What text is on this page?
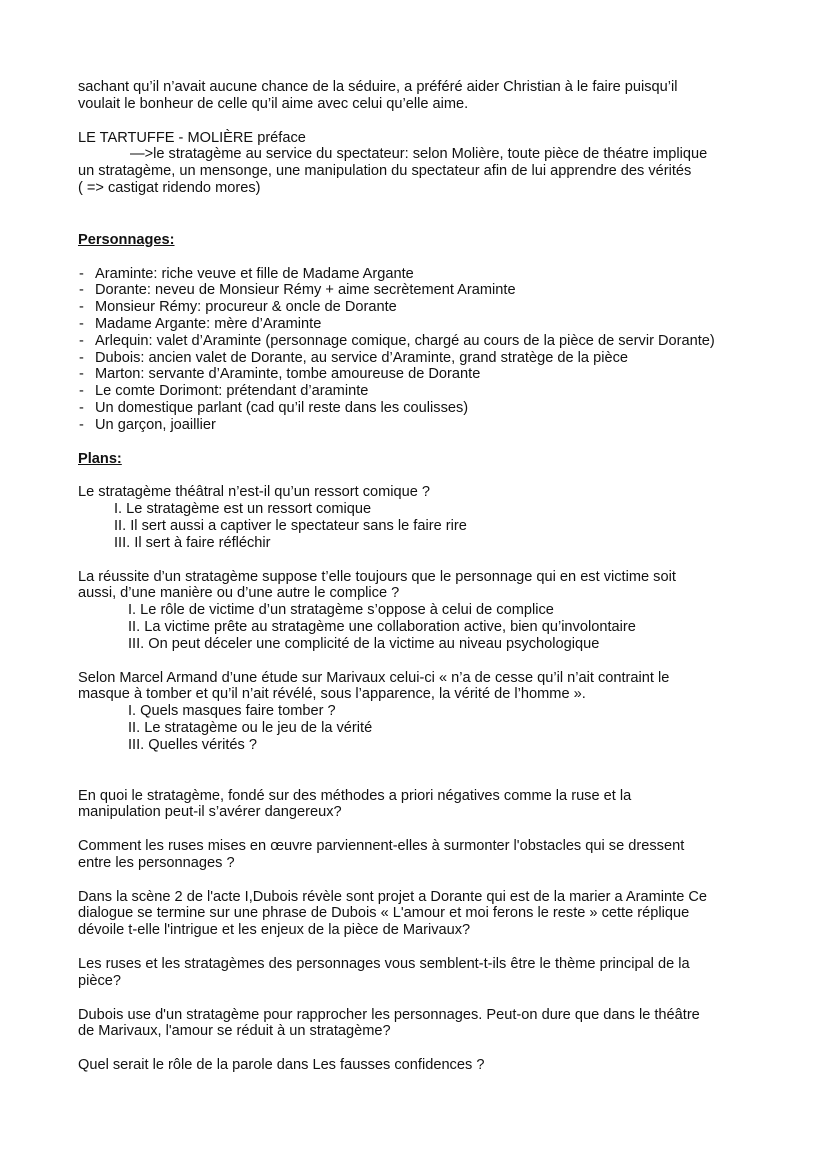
sachant qu’il n’avait aucune chance de la séduire, a préféré aider Christian à le faire puisqu’il

voulait le bonheur de celle qu’il aime avec celui qu’elle aime.

LE TARTUFFE - MOLIÈRE préface

—>le stratagème au service du spectateur: selon Molière, toute pièce de théatre implique

un stratagème, un mensonge, une manipulation du spectateur afin de lui apprendre des vérités

( => castigat ridendo mores)

Personnages:

- Araminte: riche veuve et fille de Madame Argante
- Dorante: neveu de Monsieur Rémy + aime secrètement Araminte
- Monsieur Rémy: procureur & oncle de Dorante
- Madame Argante: mère d’Araminte
- Arlequin: valet d’Araminte (personnage comique, chargé au cours de la pièce de servir Dorante)
- Dubois: ancien valet de Dorante, au service d’Araminte, grand stratège de la pièce
- Marton: servante d’Araminte, tombe amoureuse de Dorante
- Le comte Dorimont: prétendant d’araminte
- Un domestique parlant (cad qu’il reste dans les coulisses)
- Un garçon, joaillier

Plans:

Le stratagème théâtral n’est-il qu’un ressort comique ?

I. Le stratagème est un ressort comique
II. Il sert aussi a captiver le spectateur sans le faire rire
III. Il sert à faire réfléchir

La réussite d’un stratagème suppose t’elle toujours que le personnage qui en est victime soit

aussi, d’une manière ou d’une autre le complice ?

I. Le rôle de victime d’un stratagème s’oppose à celui de complice
II. La victime prête au stratagème une collaboration active, bien qu’involontaire
III. On peut déceler une complicité de la victime au niveau psychologique

Selon Marcel Armand d’une étude sur Marivaux celui-ci « n’a de cesse qu’il n’ait contraint le

masque à tomber et qu’il n’ait révélé, sous l’apparence, la vérité de l’homme ».

I. Quels masques faire tomber ?
II. Le stratagème ou le jeu de la vérité
III. Quelles vérités ?

En quoi le stratagème, fondé sur des méthodes a priori négatives comme la ruse et la

manipulation peut-il s’avérer dangereux?

Comment les ruses mises en œuvre parviennent-elles à surmonter l'obstacles qui se dressent

entre les personnages ?

Dans la scène 2 de l'acte I,Dubois révèle sont projet a Dorante qui est de la marier a Araminte Ce

dialogue se termine sur une phrase de Dubois « L'amour et moi ferons le reste » cette réplique

dévoile t-elle l'intrigue et les enjeux de la pièce de Marivaux?

Les ruses et les stratagèmes des personnages vous semblent-t-ils être le thème principal de la

pièce?

Dubois use d'un stratagème pour rapprocher les personnages. Peut-on dure que dans le théâtre

de Marivaux, l'amour se réduit à un stratagème?

Quel serait le rôle de la parole dans Les fausses confidences ?
